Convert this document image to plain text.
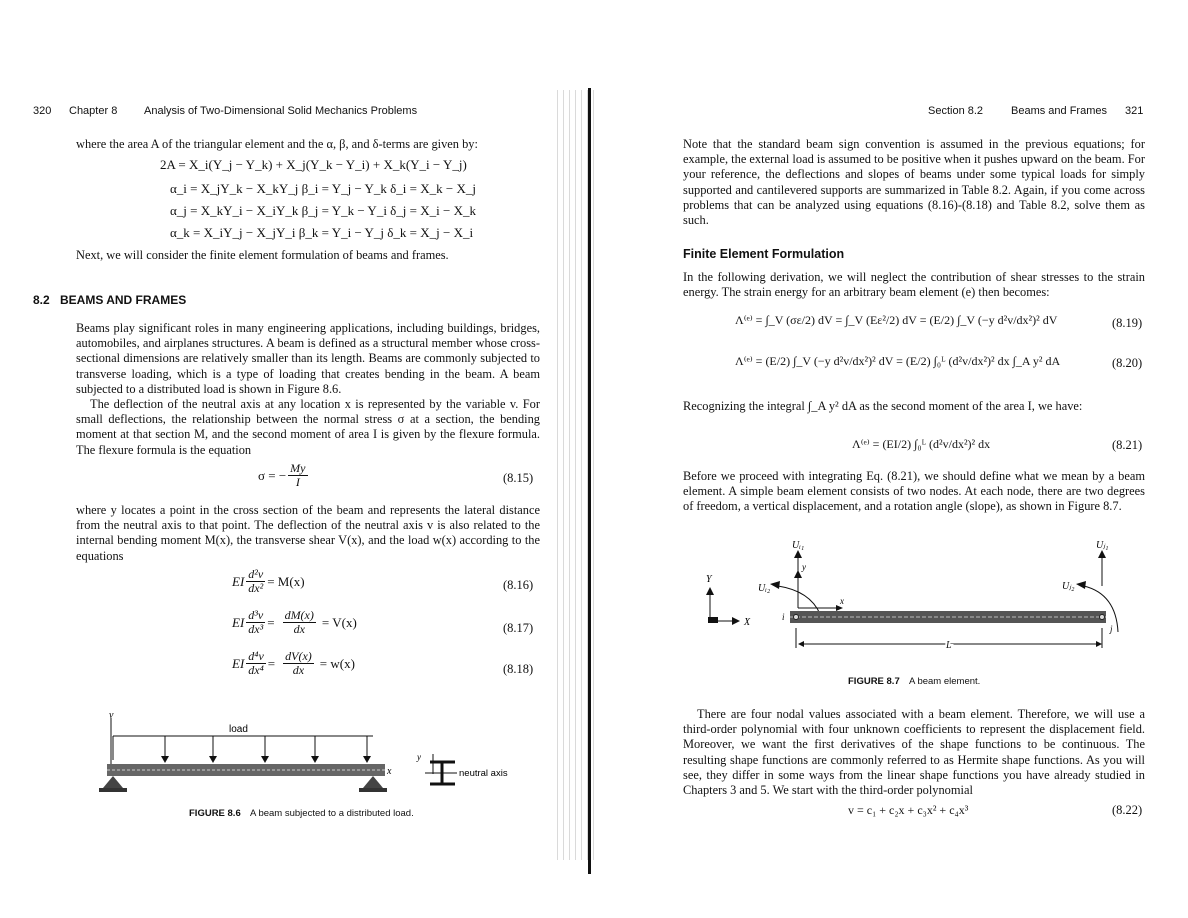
320 Chapter 8 Analysis of Two-Dimensional Solid Mechanics Problems
where the area A of the triangular element and the α, β, and δ-terms are given by:
2A = X_i(Y_j − Y_k) + X_j(Y_k − Y_i) + X_k(Y_i − Y_j)
α_i = X_jY_k − X_kY_j β_i = Y_j − Y_k δ_i = X_k − X_j
α_j = X_kY_i − X_iY_k β_j = Y_k − Y_i δ_j = X_i − X_k
α_k = X_iY_j − X_jY_i β_k = Y_i − Y_j δ_k = X_j − X_i
Next, we will consider the finite element formulation of beams and frames.
8.2 BEAMS AND FRAMES
Beams play significant roles in many engineering applications, including buildings, bridges, automobiles, and airplanes structures. A beam is defined as a structural member whose cross-sectional dimensions are relatively smaller than its length. Beams are commonly subjected to transverse loading, which is a type of loading that creates bending in the beam. A beam subjected to a distributed load is shown in Figure 8.6.
The deflection of the neutral axis at any location x is represented by the variable v. For small deflections, the relationship between the normal stress σ at a section, the bending moment at that section M, and the second moment of area I is given by the flexure formula. The flexure formula is the equation
σ = − $\frac{My}{I}$	(8.15)
where y locates a point in the cross section of the beam and represents the lateral distance from the neutral axis to that point. The deflection of the neutral axis v is also related to the internal bending moment M(x), the transverse shear V(x), and the load w(x) according to the equations
EI $\frac{\text{d²v}}{\text{dx²}} = M(x)$	(8.16)
EI $\frac{\text{d³v}}{\text{dx³}} = \frac{dM(x)}{dx} = V(x)$	(8.17)
EI $\frac{\text{d⁴v}}{\text{dx⁴}} = \frac{dV(x)}{dx} = w(x)$	(8.18)
v
load
x
y
neutral axis
FIGURE 8.6 A beam subjected to a distributed load.
Section 8.2	Beams and Frames 321
Note that the standard beam sign convention is assumed in the previous equations; for example, the external load is assumed to be positive when it pushes upward on the beam. For your reference, the deflections and slopes of beams under some typical loads for simply supported and cantilevered supports are summarized in Table 8.2. Again, if you come across problems that can be analyzed using equations (8.16)-(8.18) and Table 8.2, solve them as such.
Finite Element Formulation
In the following derivation, we will neglect the contribution of shear stresses to the strain energy. The strain energy for an arbitrary beam element (e) then becomes:
Λ⁽ᵉ⁾ = ∫_V (σε/2) dV = ∫_V (Eε²/2) dV = (E/2) ∫_V (−y d²v/dx²)² dV	(8.19)
Λ⁽ᵉ⁾ = (E/2) ∫_V (−y d²v/dx²)² dV = (E/2) ∫₀ᴸ (d²v/dx²)² dx ∫_A y² dA	(8.20)
Recognizing the integral ∫_A y² dA as the second moment of the area I, we have:
Λ⁽ᵉ⁾ = (EI/2) ∫₀ᴸ (d²v/dx²)² dx	(8.21)
Before we proceed with integrating Eq. (8.21), we should define what we mean by a beam element. A simple beam element consists of two nodes. At each node, there are two degrees of freedom, a vertical displacement, and a rotation angle (slope), as shown in Figure 8.7.
Uᵢ₁	Uⱼ₁
Uᵢ₂	Uⱼ₂
Y
X
y
x
i
j
L
FIGURE 8.7 A beam element.
There are four nodal values associated with a beam element. Therefore, we will use a third-order polynomial with four unknown coefficients to represent the displacement field. Moreover, we want the first derivatives of the shape functions to be continuous. The resulting shape functions are commonly referred to as Hermite shape functions. As you will see, they differ in some ways from the linear shape functions you have already studied in Chapters 3 and 5. We start with the third-order polynomial
v = c₁ + c₂x + c₃x² + c₄x³	(8.22)
